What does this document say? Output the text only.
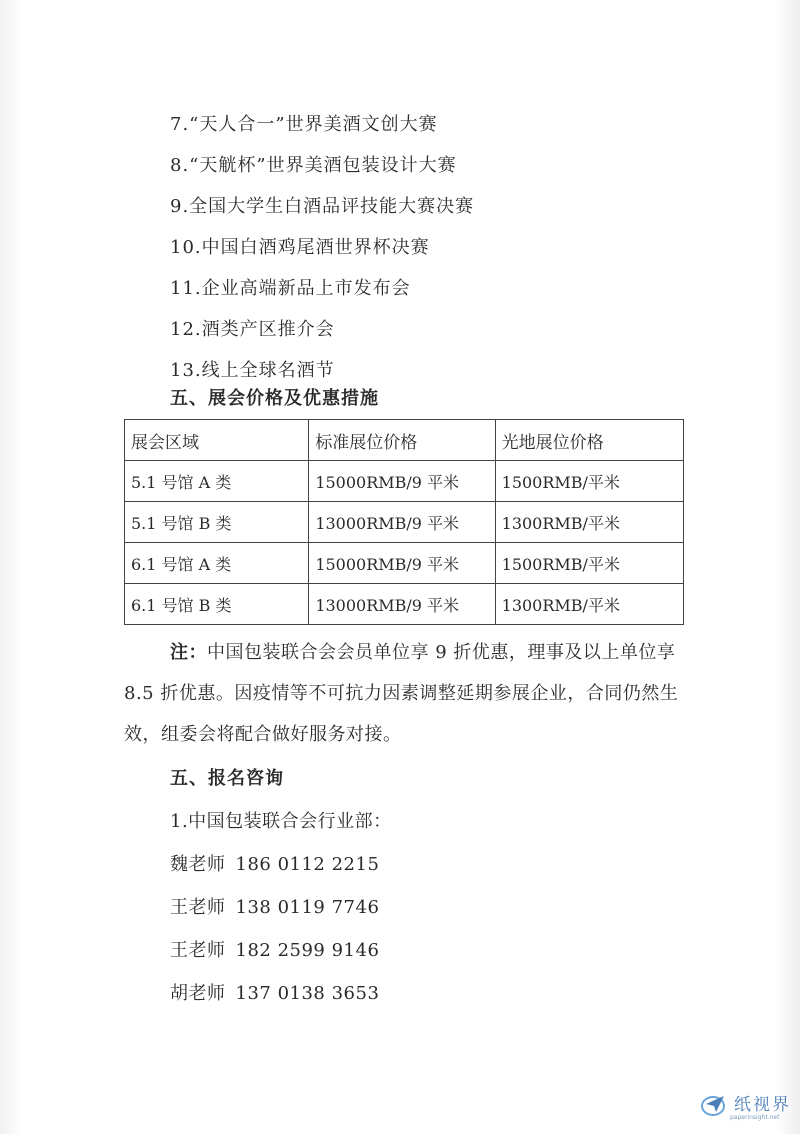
7.“天人合一”世界美酒文创大赛
8.“天觥杯”世界美酒包装设计大赛
9.全国大学生白酒品评技能大赛决赛
10.中国白酒鸡尾酒世界杯决赛
11.企业高端新品上市发布会
12.酒类产区推介会
13.线上全球名酒节
五、展会价格及优惠措施
展会区域	标准展位价格	光地展位价格
5.1 号馆 A 类	15000RMB/9 平米	1500RMB/平米
5.1 号馆 B 类	13000RMB/9 平米	1300RMB/平米
6.1 号馆 A 类	15000RMB/9 平米	1500RMB/平米
6.1 号馆 B 类	13000RMB/9 平米	1300RMB/平米
注：中国包装联合会会员单位享 9 折优惠，理事及以上单位享 8.5 折优惠。因疫情等不可抗力因素调整延期参展企业，合同仍然生效，组委会将配合做好服务对接。
五、报名咨询
1.中国包装联合会行业部：
魏老师 186 0112 2215
王老师 138 0119 7746
王老师 182 2599 9146
胡老师 137 0138 3653
纸视界
paperinsight.net
